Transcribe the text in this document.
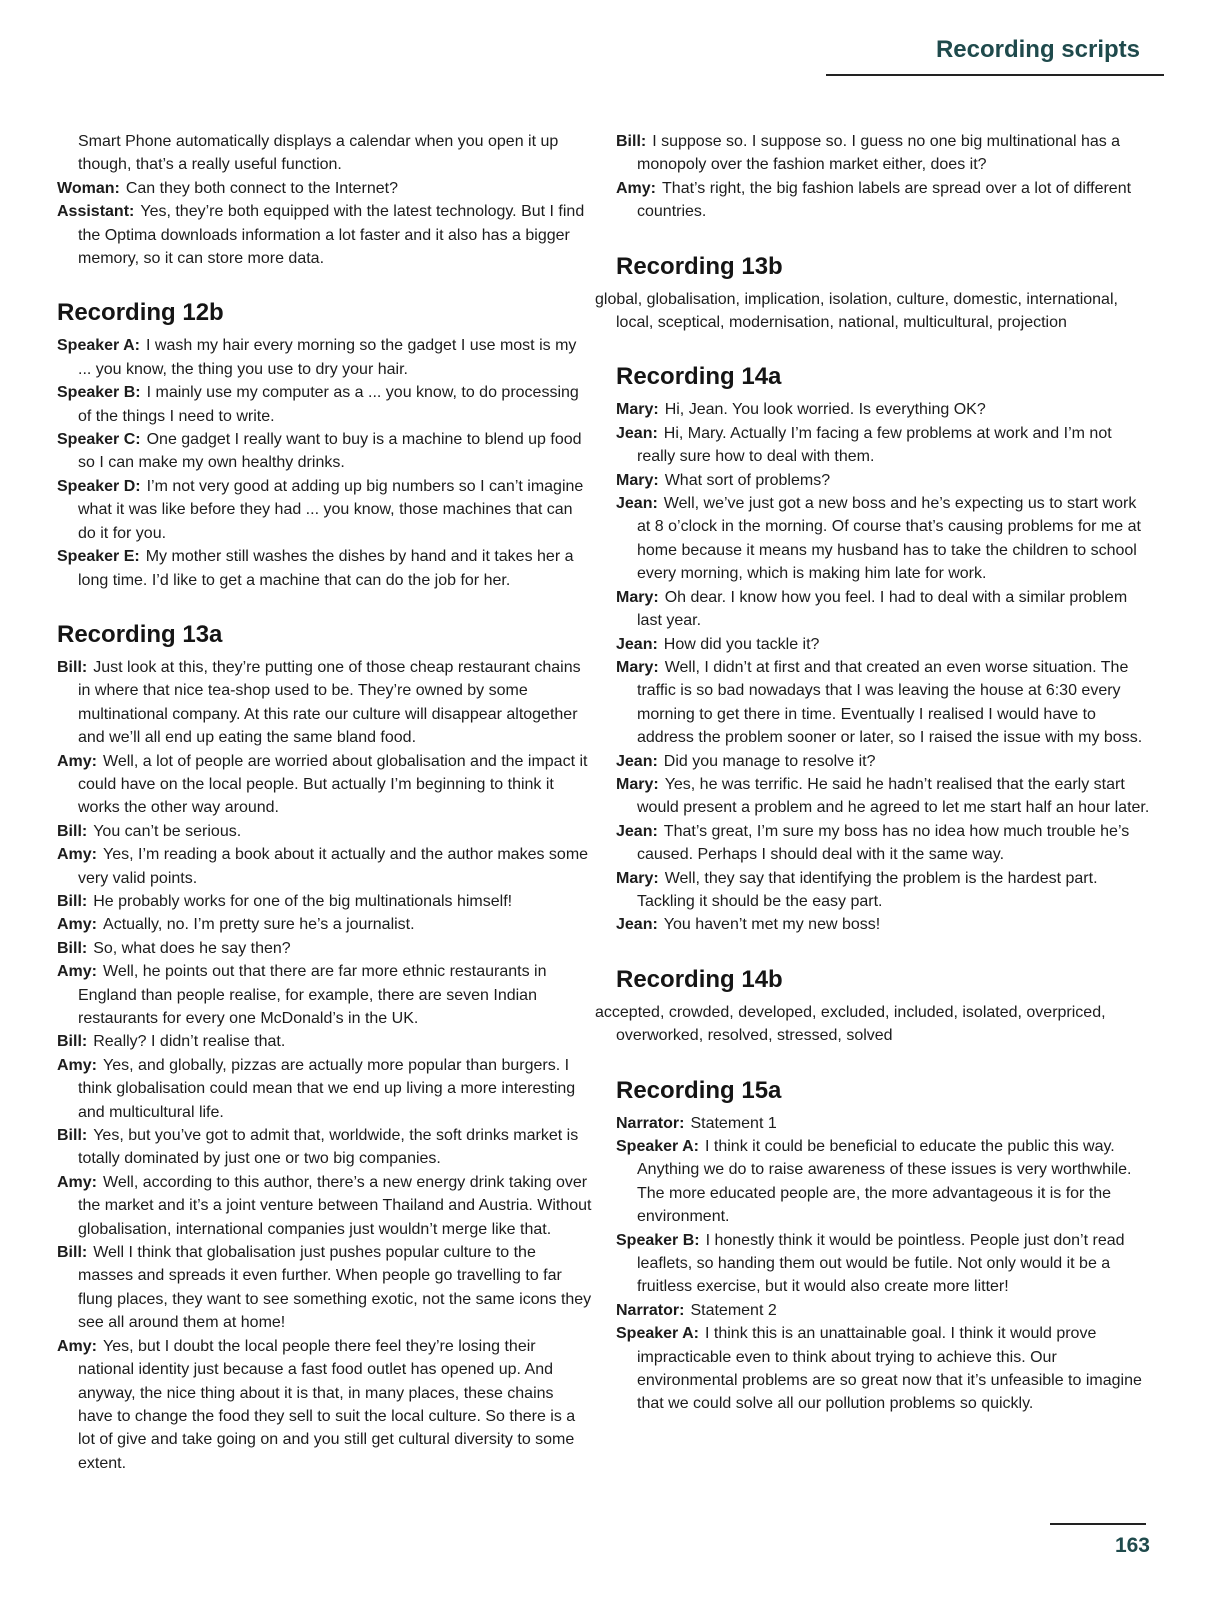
Recording scripts

Smart Phone automatically displays a calendar when you open it up though, that’s a really useful function.

Woman: Can they both connect to the Internet?

Assistant: Yes, they’re both equipped with the latest technology. But I find the Optima downloads information a lot faster and it also has a bigger memory, so it can store more data.

Recording 12b

Speaker A: I wash my hair every morning so the gadget I use most is my ... you know, the thing you use to dry your hair.

Speaker B: I mainly use my computer as a ... you know, to do processing of the things I need to write.

Speaker C: One gadget I really want to buy is a machine to blend up food so I can make my own healthy drinks.

Speaker D: I’m not very good at adding up big numbers so I can’t imagine what it was like before they had ... you know, those machines that can do it for you.

Speaker E: My mother still washes the dishes by hand and it takes her a long time. I’d like to get a machine that can do the job for her.

Recording 13a

Bill: Just look at this, they’re putting one of those cheap restaurant chains in where that nice tea-shop used to be. They’re owned by some multinational company. At this rate our culture will disappear altogether and we’ll all end up eating the same bland food.

Amy: Well, a lot of people are worried about globalisation and the impact it could have on the local people. But actually I’m beginning to think it works the other way around.

Bill: You can’t be serious.

Amy: Yes, I’m reading a book about it actually and the author makes some very valid points.

Bill: He probably works for one of the big multinationals himself!

Amy: Actually, no. I’m pretty sure he’s a journalist.

Bill: So, what does he say then?

Amy: Well, he points out that there are far more ethnic restaurants in England than people realise, for example, there are seven Indian restaurants for every one McDonald’s in the UK.

Bill: Really? I didn’t realise that.

Amy: Yes, and globally, pizzas are actually more popular than burgers. I think globalisation could mean that we end up living a more interesting and multicultural life.

Bill: Yes, but you’ve got to admit that, worldwide, the soft drinks market is totally dominated by just one or two big companies.

Amy: Well, according to this author, there’s a new energy drink taking over the market and it’s a joint venture between Thailand and Austria. Without globalisation, international companies just wouldn’t merge like that.

Bill: Well I think that globalisation just pushes popular culture to the masses and spreads it even further. When people go travelling to far flung places, they want to see something exotic, not the same icons they see all around them at home!

Amy: Yes, but I doubt the local people there feel they’re losing their national identity just because a fast food outlet has opened up. And anyway, the nice thing about it is that, in many places, these chains have to change the food they sell to suit the local culture. So there is a lot of give and take going on and you still get cultural diversity to some extent.

Bill: I suppose so. I suppose so. I guess no one big multinational has a monopoly over the fashion market either, does it?

Amy: That’s right, the big fashion labels are spread over a lot of different countries.

Recording 13b

global, globalisation, implication, isolation, culture, domestic, international, local, sceptical, modernisation, national, multicultural, projection

Recording 14a

Mary: Hi, Jean. You look worried. Is everything OK?

Jean: Hi, Mary. Actually I’m facing a few problems at work and I’m not really sure how to deal with them.

Mary: What sort of problems?

Jean: Well, we’ve just got a new boss and he’s expecting us to start work at 8 o’clock in the morning. Of course that’s causing problems for me at home because it means my husband has to take the children to school every morning, which is making him late for work.

Mary: Oh dear. I know how you feel. I had to deal with a similar problem last year.

Jean: How did you tackle it?

Mary: Well, I didn’t at first and that created an even worse situation. The traffic is so bad nowadays that I was leaving the house at 6:30 every morning to get there in time. Eventually I realised I would have to address the problem sooner or later, so I raised the issue with my boss.

Jean: Did you manage to resolve it?

Mary: Yes, he was terrific. He said he hadn’t realised that the early start would present a problem and he agreed to let me start half an hour later.

Jean: That’s great, I’m sure my boss has no idea how much trouble he’s caused. Perhaps I should deal with it the same way.

Mary: Well, they say that identifying the problem is the hardest part. Tackling it should be the easy part.

Jean: You haven’t met my new boss!

Recording 14b

accepted, crowded, developed, excluded, included, isolated, overpriced, overworked, resolved, stressed, solved

Recording 15a

Narrator: Statement 1

Speaker A: I think it could be beneficial to educate the public this way. Anything we do to raise awareness of these issues is very worthwhile. The more educated people are, the more advantageous it is for the environment.

Speaker B: I honestly think it would be pointless. People just don’t read leaflets, so handing them out would be futile. Not only would it be a fruitless exercise, but it would also create more litter!

Narrator: Statement 2

Speaker A: I think this is an unattainable goal. I think it would prove impracticable even to think about trying to achieve this. Our environmental problems are so great now that it’s unfeasible to imagine that we could solve all our pollution problems so quickly.

163
